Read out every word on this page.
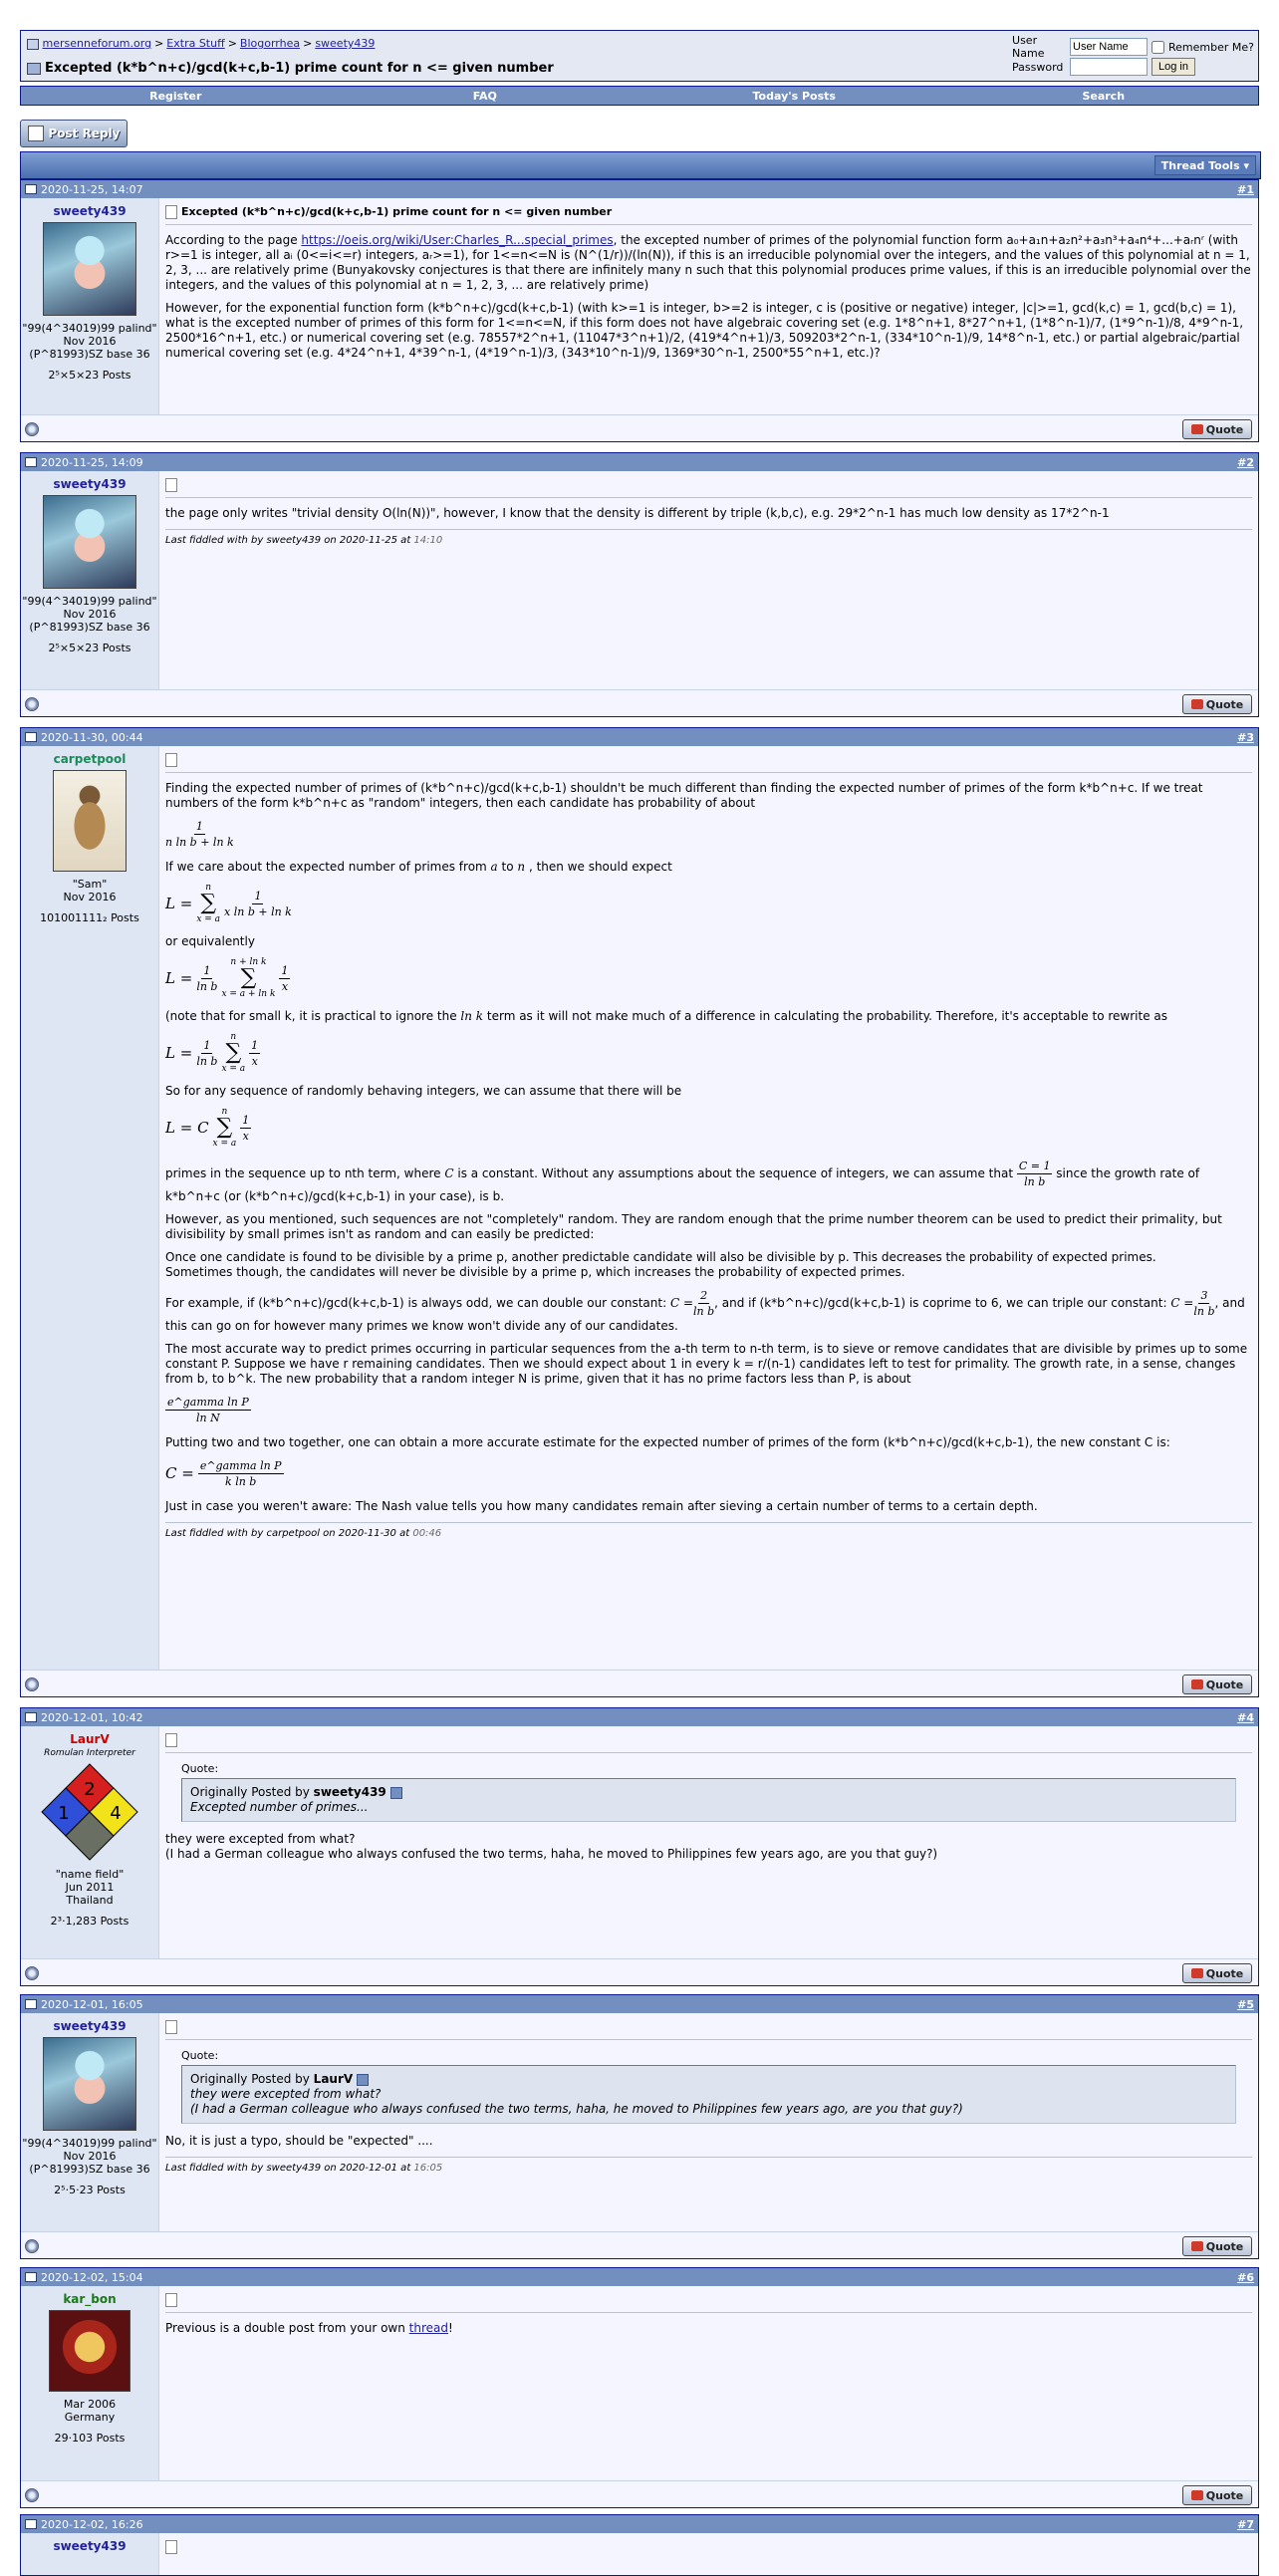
mersenneforum.org > Extra Stuff > Blogorrhea > sweety439
Excepted (k*b^n+c)/gcd(k+c,b-1) prime count for n <= given number
User Name
User Name	Remember Me?
Password	Log in
Register	FAQ	Today's Posts	Search
Post Reply
Thread Tools
▾
2020-11-25, 14:07	#1
sweety439
"99(4^34019)99 palind"
Nov 2016
(P^81993)SZ base 36
2⁵×5×23 Posts
Excepted (k*b^n+c)/gcd(k+c,b-1) prime count for n <= given number

According to the page https://oeis.org/wiki/User:Charles_R...special_primes, the excepted number of primes of the polynomial function form a₀+a₁n+a₂n²+a₃n³+a₄n⁴+...+aᵣnʳ (with r>=1 is integer, all aᵢ (0<=i<=r) integers, aᵣ>=1), for 1<=n<=N is (N^(1/r))/(ln(N)), if this is an irreducible polynomial over the integers, and the values of this polynomial at n = 1, 2, 3, ... are relatively prime (Bunyakovsky conjectures is that there are infinitely many n such that this polynomial produces prime values, if this is an irreducible polynomial over the integers, and the values of this polynomial at n = 1, 2, 3, ... are relatively prime)

However, for the exponential function form (k*b^n+c)/gcd(k+c,b-1) (with k>=1 is integer, b>=2 is integer, c is (positive or negative) integer, |c|>=1, gcd(k,c) = 1, gcd(b,c) = 1), what is the excepted number of primes of this form for 1<=n<=N, if this form does not have algebraic covering set (e.g. 1*8^n+1, 8*27^n+1, (1*8^n-1)/7, (1*9^n-1)/8, 4*9^n-1, 2500*16^n+1, etc.) or numerical covering set (e.g. 78557*2^n+1, (11047*3^n+1)/2, (419*4^n+1)/3, 509203*2^n-1, (334*10^n-1)/9, 14*8^n-1, etc.) or partial algebraic/partial numerical covering set (e.g. 4*24^n+1, 4*39^n-1, (4*19^n-1)/3, (343*10^n-1)/9, 1369*30^n-1, 2500*55^n+1, etc.)?

Quote
2020-11-25, 14:09	#2
sweety439
"99(4^34019)99 palind"
Nov 2016
(P^81993)SZ base 36
2⁵×5×23 Posts

the page only writes "trivial density O(ln(N))", however, I know that the density is different by triple (k,b,c), e.g. 29*2^n-1 has much low density as 17*2^n-1

Last fiddled with by sweety439 on 2020-11-25 at 14:10
Quote
2020-11-30, 00:44	#3
carpetpool
"Sam"
Nov 2016
101001111₂ Posts

Finding the expected number of primes of (k*b^n+c)/gcd(k+c,b-1) shouldn't be much different than finding the expected number of primes of the form k*b^n+c. If we treat numbers of the form k*b^n+c as "random" integers, then each candidate has probability of about

$\frac{1}{\text{n ln b + ln k}}$

If we care about the expected number of primes from a to n , then we should expect

L =
n
∑
x = a
$\frac{1}{\text{x ln b + ln k}}$

or equivalently

$L = \frac{1}{\text{ln b}}$
n + ln k
∑
x = a + ln k
$\frac{1}{x}$

(note that for small k, it is practical to ignore the ln k term as it will not make much of a difference in calculating the probability. Therefore, it's acceptable to rewrite as

$L = \frac{1}{\text{ln b}}$
n
∑
x = a
$\frac{1}{x}$

So for any sequence of randomly behaving integers, we can assume that there will be

L = C
n
∑
x = a
$\frac{1}{x}$

primes in the sequence up to nth term, where C is a constant. Without any assumptions about the sequence of integers, we can assume that $\frac{C = 1}{\text{ln b}}$ since the growth rate of k*b^n+c (or (k*b^n+c)/gcd(k+c,b-1) in your case), is b.

However, as you mentioned, such sequences are not "completely" random. They are random enough that the prime number theorem can be used to predict their primality, but divisibility by small primes isn't as random and can easily be predicted:

Once one candidate is found to be divisible by a prime p, another predictable candidate will also be divisible by p. This decreases the probability of expected primes.

Sometimes though, the candidates will never be divisible by a prime p, which increases the probability of expected primes.

For example, if (k*b^n+c)/gcd(k+c,b-1) is always odd, we can double our constant: $C = \frac{2}{\text{ln b}}$ , and if (k*b^n+c)/gcd(k+c,b-1) is coprime to 6, we can triple our constant: $C = \frac{3}{\text{ln b}}$ , and this can go on for however many primes we know won't divide any of our candidates.

The most accurate way to predict primes occurring in particular sequences from the a-th term to n-th term, is to sieve or remove candidates that are divisible by primes up to some constant P. Suppose we have r remaining candidates. Then we should expect about 1 in every k = r/(n-1) candidates left to test for primality. The growth rate, in a sense, changes from b, to b^k. The new probability that a random integer N is prime, given that it has no prime factors less than P, is about

$\frac{\text{e\textasciicircum{}gamma ln P}}{\text{ln N}}$

Putting two and two together, one can obtain a more accurate estimate for the expected number of primes of the form (k*b^n+c)/gcd(k+c,b-1), the new constant C is:

$C = \frac{\text{e\textasciicircum{}gamma ln P}}{\text{k ln b}}$

Just in case you weren't aware: The Nash value tells you how many candidates remain after sieving a certain number of terms to a certain depth.

Last fiddled with by carpetpool on 2020-11-30 at 00:46
Quote
2020-12-01, 10:42	#4
LaurV
Romulan Interpreter
2
1 4
"name field"
Jun 2011
Thailand
2³·1,283 Posts
Quote:
Originally Posted by sweety439
Excepted number of primes...
they were excepted from what?
(I had a German colleague who always confused the two terms, haha, he moved to Philippines few years ago, are you that guy?)
Quote
2020-12-01, 16:05	#5
sweety439
"99(4^34019)99 palind"
Nov 2016
(P^81993)SZ base 36
2⁵·5·23 Posts
Quote:
Originally Posted by LaurV
they were excepted from what?
(I had a German colleague who always confused the two terms, haha, he moved to Philippines few years ago, are you that guy?)

No, it is just a typo, should be "expected" ....

Last fiddled with by sweety439 on 2020-12-01 at 16:05
Quote
2020-12-02, 15:04	#6
kar_bon
Mar 2006
Germany
29·103 Posts

Previous is a double post from your own thread!

Quote
2020-12-02, 16:26	#7
sweety439
